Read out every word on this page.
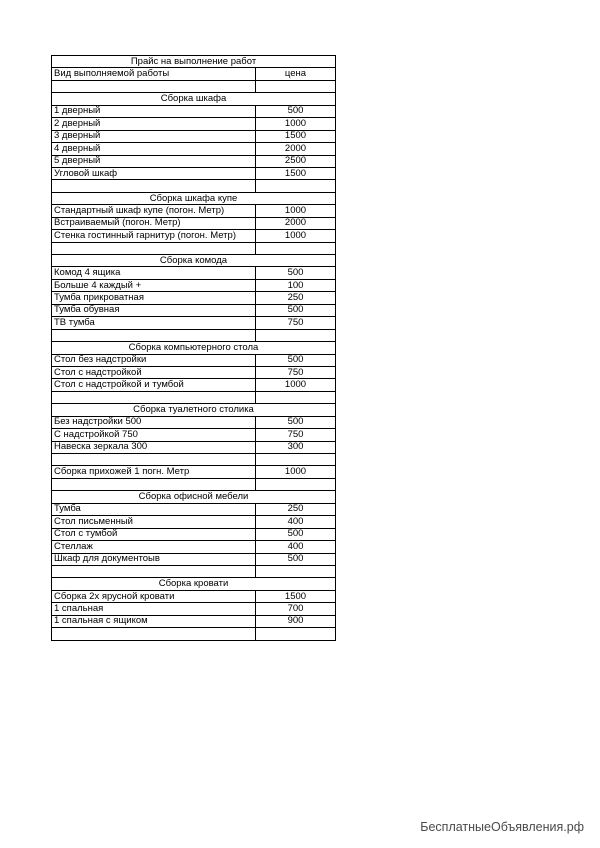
Прайс на выполнение работ	
Вид выполняемой работы	цена

Сборка шкафа	
1 дверный	500
2 дверный	1000
3 дверный	1500
4 дверный	2000
5 дверный	2500
Угловой шкаф	1500

Сборка шкафа купе	
Стандартный шкаф купе (погон. Метр)	1000
Встраиваемый (погон. Метр)	2000
Стенка гостинный гарнитур (погон. Метр)	1000

Сборка комода	
Комод 4 ящика	500
Больше 4 каждый +	100
Тумба прикроватная	250
Тумба обувная	500
ТВ тумба	750

Сборка компьютерного стола	
Стол без надстройки	500
Стол с надстройкой	750
Стол с надстройкой и тумбой	1000

Сборка туалетного столика	
Без надстройки 500	500
С надстройкой 750	750
Навеска зеркала 300	300

Сборка прихожей 1 погн. Метр	1000

Сборка офисной мебели	
Тумба	250
Стол письменный	400
Стол с тумбой	500
Стеллаж	400
Шкаф для документоыв	500

Сборка кровати	
Сборка 2х ярусной кровати	1500
1 спальная	700
1 спальная с ящиком	900

БесплатныеОбъявления.рф
